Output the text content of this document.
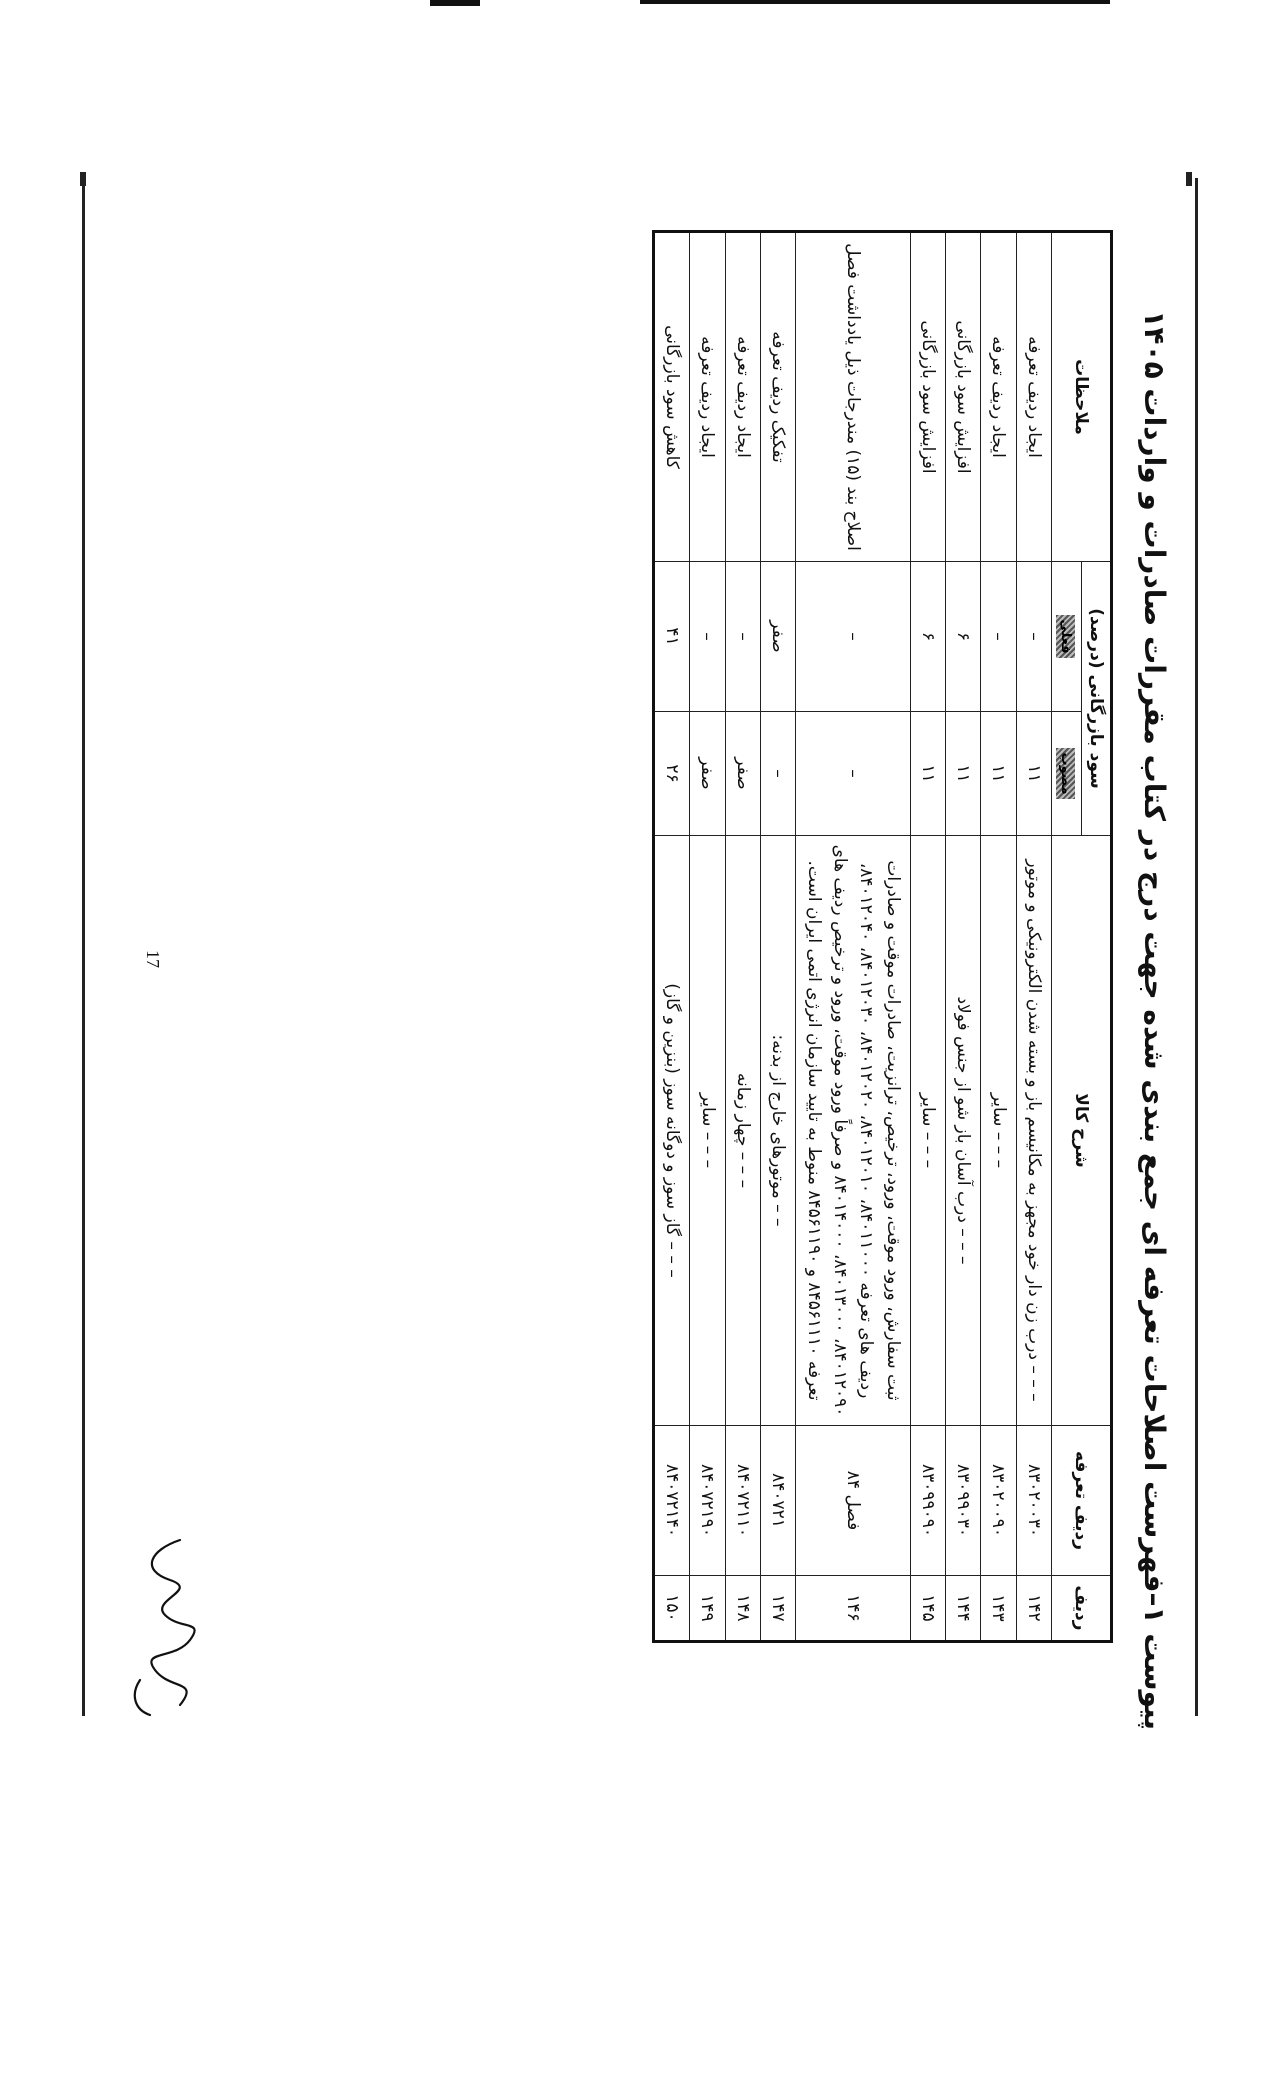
پیوست ۱–فهرست اصلاحات تعرفه ای جمع بندی شده جهت درج در کتاب مقررات صادرات و واردات ۱۴۰۵
ردیف	ردیف تعرفه	شرح کالا	سود بازرگانی (درصد)		ملاحظات
			مصوب	فعلی	
۱۴۲	۸۳۰۲۰۰۳۰	– – – درب زن دار خود مجهز به مکانیسم باز و بسته شدن الکترونیکی و موتور	۱۱	–	ایجاد ردیف تعرفه
۱۴۳	۸۳۰۲۰۰۹۰	– – – سایر	۱۱	–	ایجاد ردیف تعرفه
۱۴۴	۸۳۰۹۹۰۳۰	– – – درب آسان باز شو از جنس فولاد	۱۱	۶	افزایش سود بازرگانی
۱۴۵	۸۳۰۹۹۰۹۰	– – – سایر	۱۱	۶	افزایش سود بازرگانی
۱۴۶	فصل ۸۴	ثبت سفارش، ورود موقت، ورود، ترخیص، ترانزیت، صادرات موقت و صادرات ردیف های تعرفه ۸۴۰۱۱۰۰۰، ۸۴۰۱۲۰۱۰، ۸۴۰۱۲۰۲۰، ۸۴۰۱۲۰۳۰، ۸۴۰۱۲۰۴۰، ۸۴۰۱۲۰۹۰، ۸۴۰۱۳۰۰۰، ۸۴۰۱۴۰۰۰ و صرفاً ورود موقت، ورود و ترخیص ردیف های تعرفه ۸۴۵۶۱۱۱۰ و ۸۴۵۶۱۱۹۰ منوط به تایید سازمان انرژی اتمی ایران است.	–	–	اصلاح بند (۱۵) مندرجات ذیل یادداشت فصل
۱۴۷	۸۴۰۷۲۱	– – موتورهای خارج از بدنه:	–	صفر	تفکیک ردیف تعرفه
۱۴۸	۸۴۰۷۲۱۱۰	– – – چهار زمانه	صفر	–	ایجاد ردیف تعرفه
۱۴۹	۸۴۰۷۲۱۹۰	– – – سایر	صفر	–	ایجاد ردیف تعرفه
۱۵۰	۸۴۰۷۲۱۴۰	– – – گاز سوز و دوگانه سوز (بنزین و گاز)	۲۶	۴۱	کاهش سود بازرگانی
17
